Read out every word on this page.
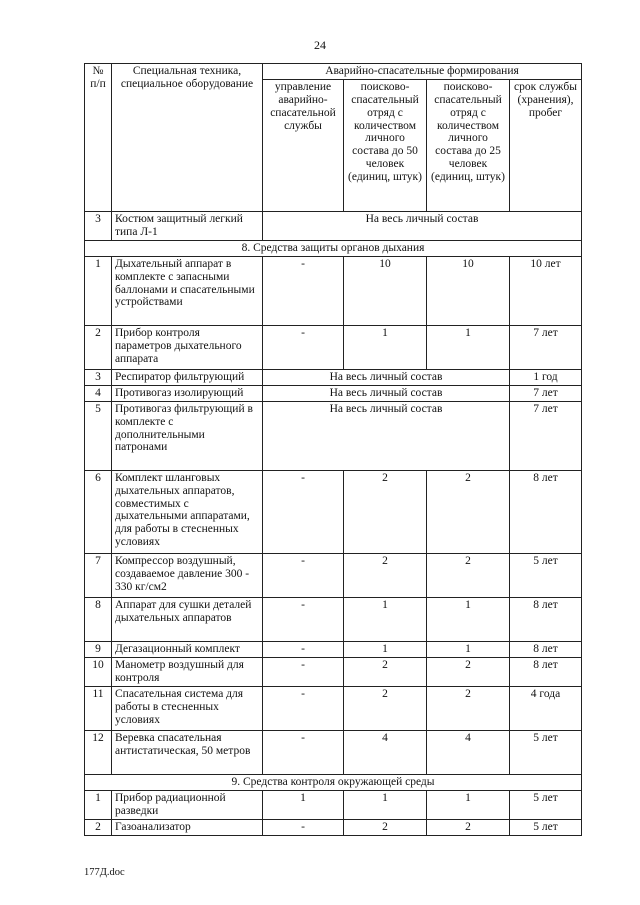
24
№ п/п	Специальная техника, специальное оборудование	Аварийно-спасательные формирования			
		управление аварийно-спасательной службы	поисково-спасательный отряд с количеством личного состава до 50 человек (единиц, штук)	поисково-спасательный отряд с количеством личного состава до 25 человек (единиц, штук)	срок службы (хранения), пробег
3	Костюм защитный легкий типа Л-1	На весь личный состав			
8. Средства защиты органов дыхания					
1	Дыхательный аппарат в комплекте с запасными баллонами и спасательными устройствами	-	10	10	10 лет
2	Прибор контроля параметров дыхательного аппарата	-	1	1	7 лет
3	Респиратор фильтрующий	На весь личный состав			1 год
4	Противогаз изолирующий	На весь личный состав			7 лет
5	Противогаз фильтрующий в комплекте с дополнительными патронами	На весь личный состав			7 лет
6	Комплект шланговых дыхательных аппаратов, совместимых с дыхательными аппаратами, для работы в стесненных условиях	-	2	2	8 лет
7	Компрессор воздушный, создаваемое давление 300 - 330 кг/см2	-	2	2	5 лет
8	Аппарат для сушки деталей дыхательных аппаратов	-	1	1	8 лет
9	Дегазационный комплект	-	1	1	8 лет
10	Манометр воздушный для контроля	-	2	2	8 лет
11	Спасательная система для работы в стесненных условиях	-	2	2	4 года
12	Веревка спасательная антистатическая, 50 метров	-	4	4	5 лет
9. Средства контроля окружающей среды					
1	Прибор радиационной разведки	1	1	1	5 лет
2	Газоанализатор	-	2	2	5 лет
177Д.doc
